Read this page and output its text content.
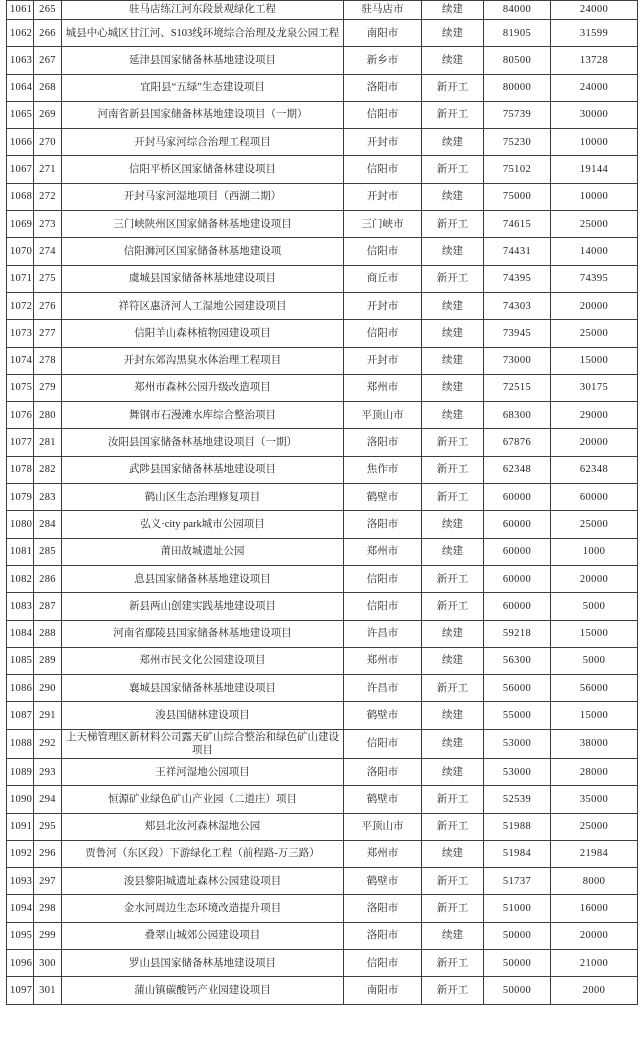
1061	265	驻马店练江河东段景观绿化工程	驻马店市	续建	84000	24000
1062	266	城县中心城区甘江河、S103线环境综合治理及龙泉公园工程	南阳市	续建	81905	31599
1063	267	延津县国家储备林基地建设项目	新乡市	续建	80500	13728
1064	268	宜阳县“五绿”生态建设项目	洛阳市	新开工	80000	24000
1065	269	河南省新县国家储备林基地建设项目（一期）	信阳市	新开工	75739	30000
1066	270	开封马家河综合治理工程项目	开封市	续建	75230	10000
1067	271	信阳平桥区国家储备林建设项目	信阳市	新开工	75102	19144
1068	272	开封马家河湿地项目（西湖二期）	开封市	续建	75000	10000
1069	273	三门峡陕州区国家储备林基地建设项目	三门峡市	新开工	74615	25000
1070	274	信阳浉河区国家储备林基地建设项	信阳市	续建	74431	14000
1071	275	虞城县国家储备林基地建设项目	商丘市	新开工	74395	74395
1072	276	祥符区惠济河人工湿地公园建设项目	开封市	续建	74303	20000
1073	277	信阳羊山森林植物园建设项目	信阳市	续建	73945	25000
1074	278	开封东郊沟黑臭水体治理工程项目	开封市	续建	73000	15000
1075	279	郑州市森林公园升级改造项目	郑州市	续建	72515	30175
1076	280	舞钢市石漫滩水库综合整治项目	平顶山市	续建	68300	29000
1077	281	汝阳县国家储备林基地建设项目（一期）	洛阳市	新开工	67876	20000
1078	282	武陟县国家储备林基地建设项目	焦作市	新开工	62348	62348
1079	283	鹤山区生态治理修复项目	鹤壁市	新开工	60000	60000
1080	284	弘义·city park城市公园项目	洛阳市	续建	60000	25000
1081	285	莆田故城遗址公园	郑州市	续建	60000	1000
1082	286	息县国家储备林基地建设项目	信阳市	新开工	60000	20000
1083	287	新县两山创建实践基地建设项目	信阳市	新开工	60000	5000
1084	288	河南省鄢陵县国家储备林基地建设项目	许昌市	续建	59218	15000
1085	289	郑州市民文化公园建设项目	郑州市	续建	56300	5000
1086	290	襄城县国家储备林基地建设项目	许昌市	新开工	56000	56000
1087	291	浚县国储林建设项目	鹤壁市	续建	55000	15000
1088	292	上天梯管理区新材料公司露天矿山综合整治和绿色矿山建设项目	信阳市	续建	53000	38000
1089	293	王祥河湿地公园项目	洛阳市	续建	53000	28000
1090	294	恒源矿业绿色矿山产业园（二道庄）项目	鹤壁市	新开工	52539	35000
1091	295	郏县北汝河森林湿地公园	平顶山市	新开工	51988	25000
1092	296	贾鲁河（东区段）下游绿化工程（前程路-万三路）	郑州市	续建	51984	21984
1093	297	浚县黎阳城遗址森林公园建设项目	鹤壁市	新开工	51737	8000
1094	298	金水河周边生态环境改造提升项目	洛阳市	新开工	51000	16000
1095	299	叠翠山城郊公园建设项目	洛阳市	续建	50000	20000
1096	300	罗山县国家储备林基地建设项目	信阳市	新开工	50000	21000
1097	301	蒲山镇碳酸钙产业园建设项目	南阳市	新开工	50000	2000
